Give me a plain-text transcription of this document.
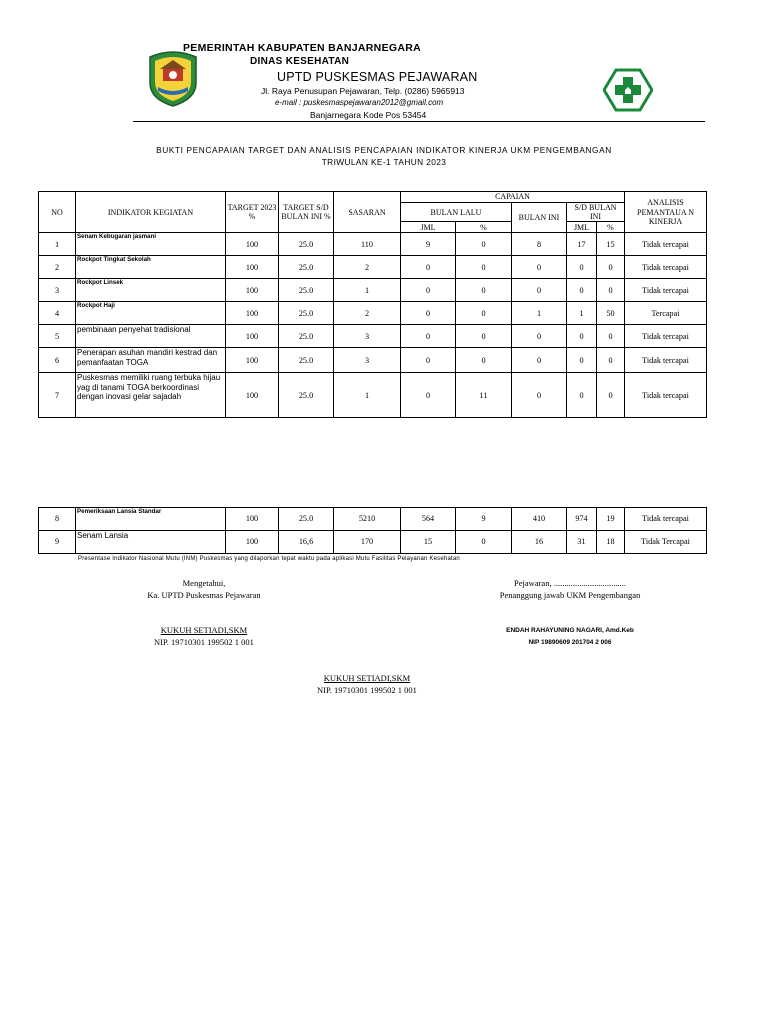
PEMERINTAH KABUPATEN BANJARNEGARA
DINAS KESEHATAN
UPTD PUSKESMAS PEJAWARAN
Jl. Raya Penusupan Pejawaran, Telp. (0286) 5965913
e-mail : puskesmaspejawaran2012@gmail.com
Banjarnegara Kode Pos 53454
BUKTI PENCAPAIAN TARGET DAN ANALISIS PENCAPAIAN INDIKATOR KINERJA UKM PENGEMBANGAN
TRIWULAN KE-1 TAHUN 2023
NO	INDIKATOR KEGIATAN	TARGET 2023 %	TARGET S/D BULAN INI %	SASARAN	CAPAIAN					ANALISIS PEMANTAUA N KINERJA
					BULAN LALU		BULAN INI	S/D BULAN INI		
					JML	%		JML	%	
1	Senam Kebugaran jasmani	100	25.0	110	9	0	8	17	15	Tidak tercapai
2	Rockpot Tingkat Sekolah	100	25.0	2	0	0	0	0	0	Tidak tercapai
3	Rockpot Linsek	100	25.0	1	0	0	0	0	0	Tidak tercapai
4	Rockpot Haji	100	25.0	2	0	0	1	1	50	Tercapai
5	pembinaan penyehat tradisional	100	25.0	3	0	0	0	0	0	Tidak tercapai
6	Penerapan asuhan mandiri kestrad dan pemanfaatan TOGA	100	25.0	3	0	0	0	0	0	Tidak tercapai
7	Puskesmas memiliki ruang terbuka hijau yag di tanami TOGA berkoordinasi dengan inovasi gelar sajadah	100	25.0	1	0	11	0	0	0	Tidak tercapai
8	Pemeriksaan Lansia Standar	100	25.0	5210	564	9	410	974	19	Tidak tercapai
9	Senam Lansia	100	16,6	170	15	0	16	31	18	Tidak Tercapai
Presentase Indikator Nasional Mutu (INM) Puskesmas yang dilaporkan tepat waktu pada aplikasi Mutu Fasilitas Pelayanan Kesehatan
Mengetahui,
Ka. UPTD Puskesmas Pejawaran
KUKUH SETIADI,SKM
NIP. 19710301 199502 1 001
Pejawaran, ..................................
Penanggung jawab UKM Pengembangan
ENDAH RAHAYUNING NAGARI, Amd.Keb
NIP 19890609 201704 2 006
KUKUH SETIADI,SKM
NIP. 19710301 199502 1 001
